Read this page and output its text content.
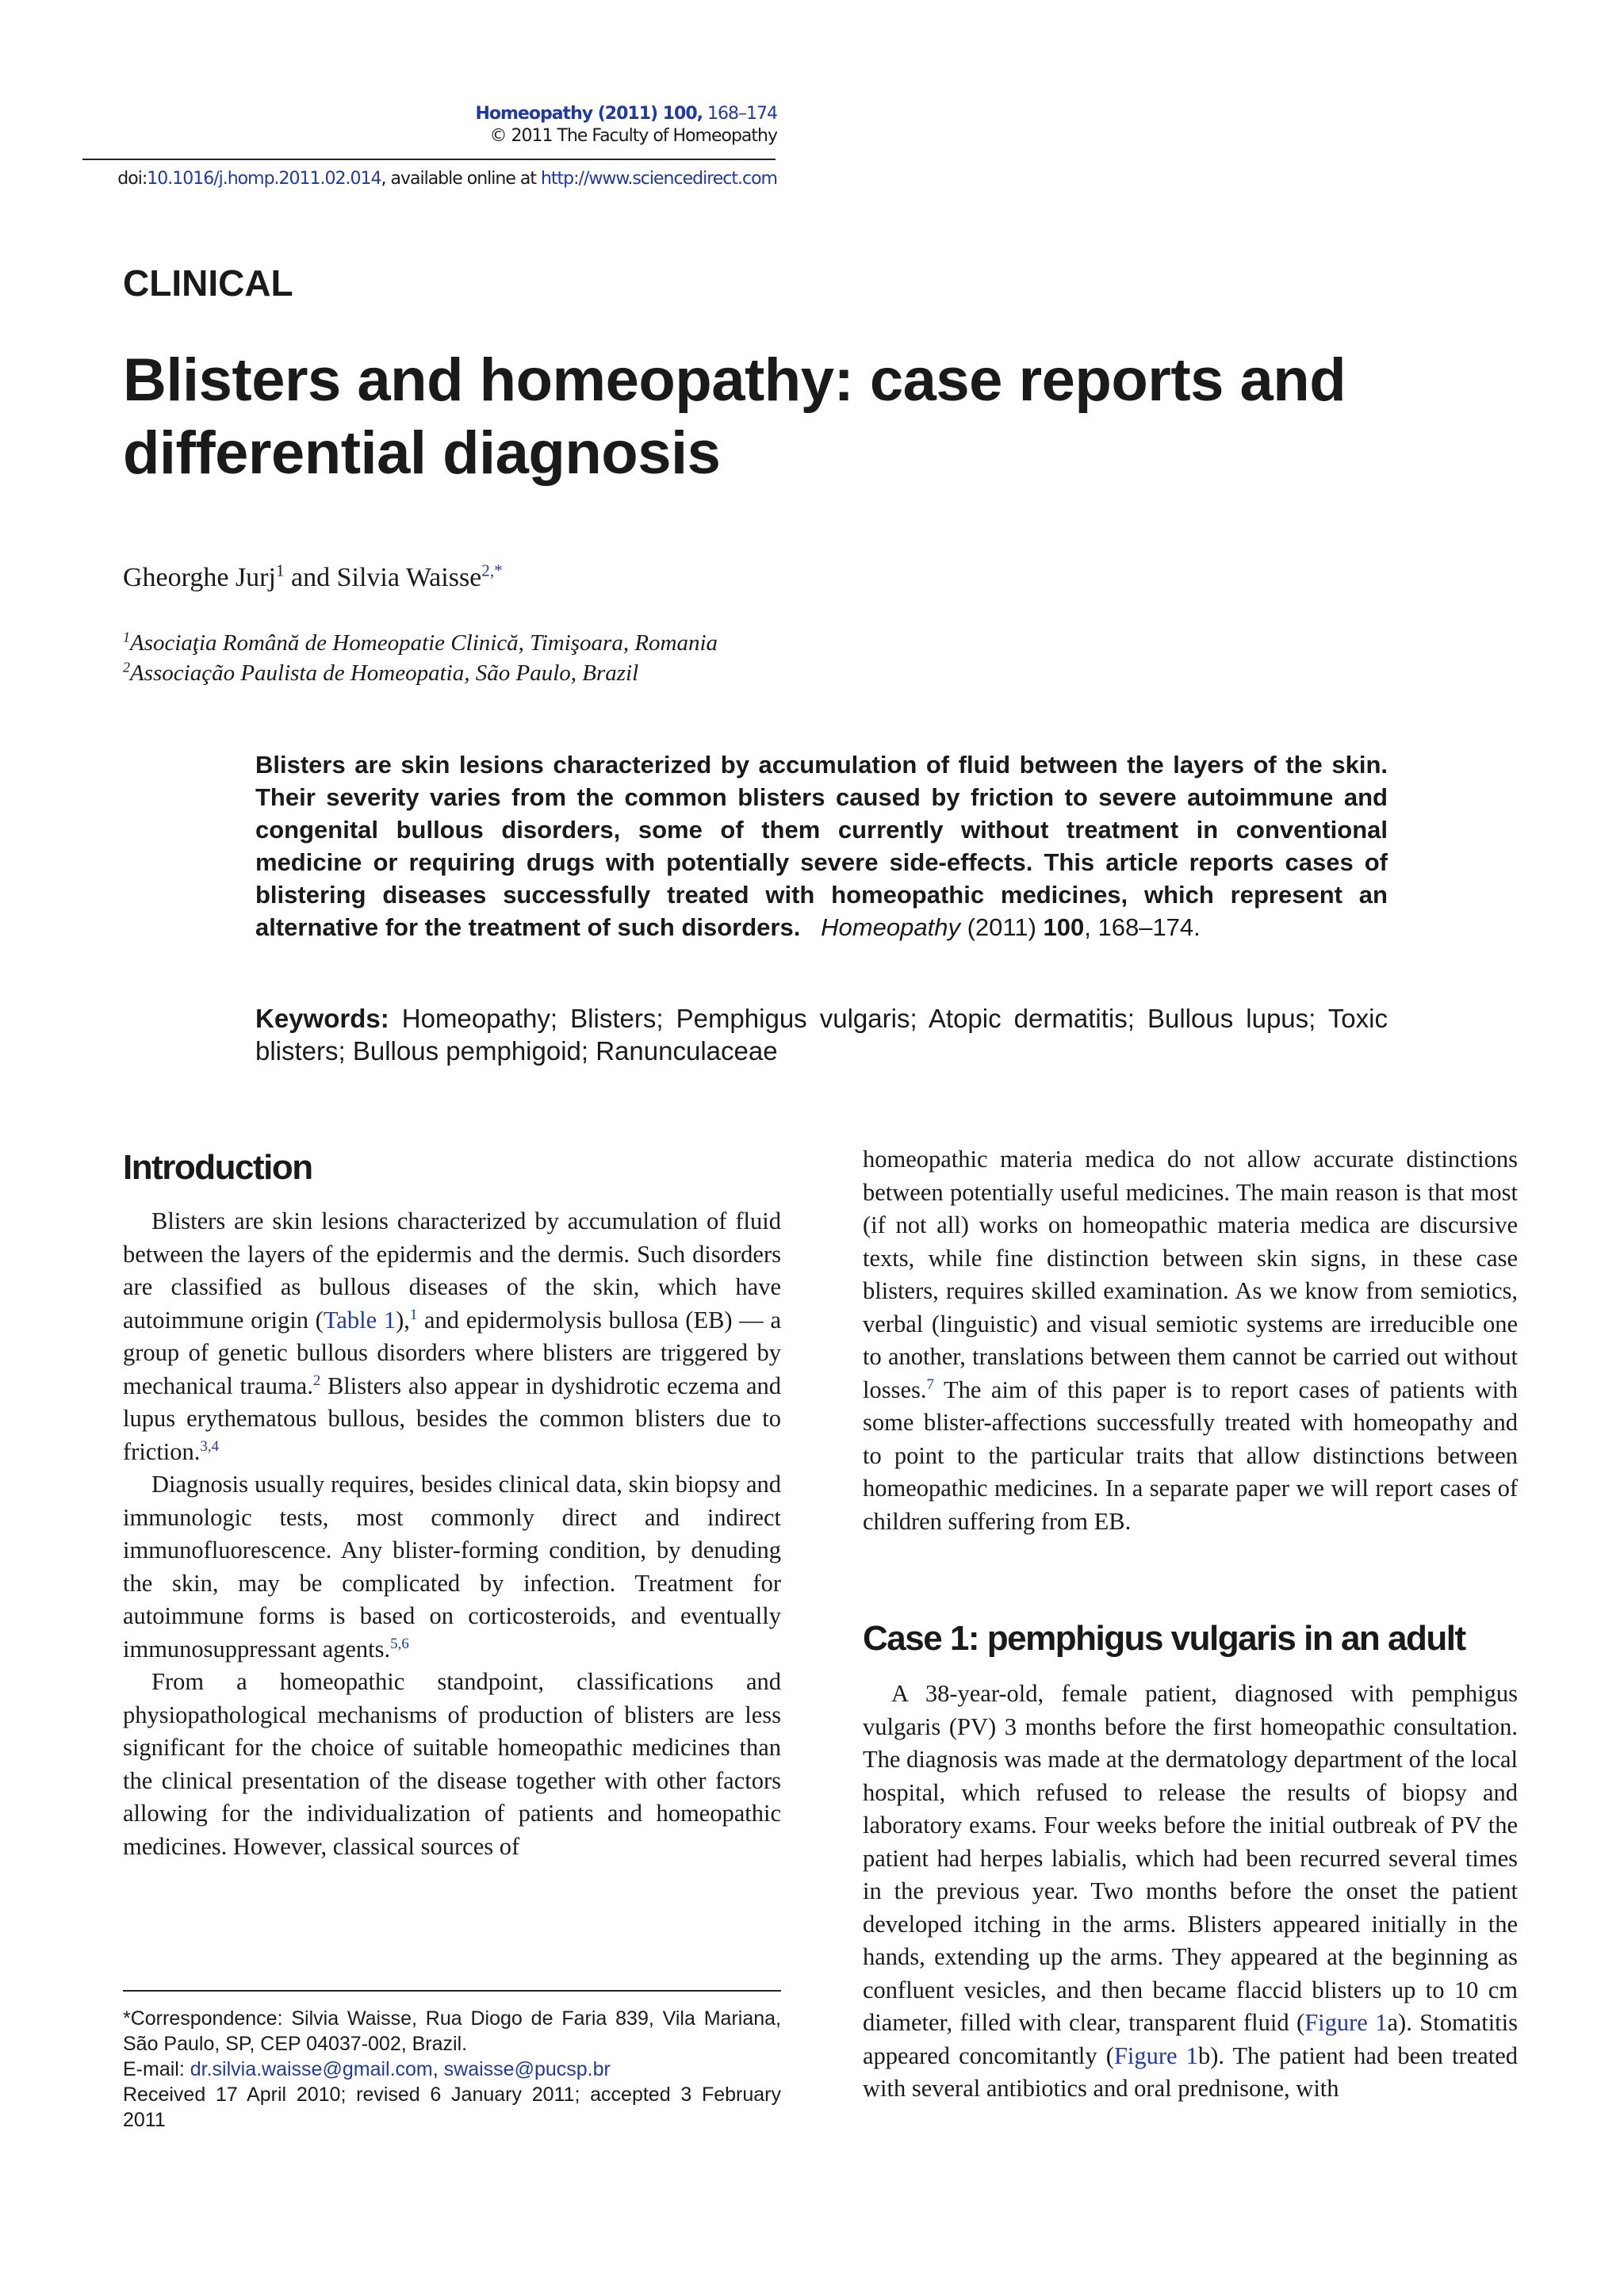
Homeopathy (2011) 100, 168–174
© 2011 The Faculty of Homeopathy
doi:10.1016/j.homp.2011.02.014, available online at http://www.sciencedirect.com
CLINICAL
Blisters and homeopathy: case reports and
differential diagnosis
Gheorghe Jurj$^1$ and Silvia Waisse$^{2,*}$
$^1$Asociaţia Română de Homeopatie Clinică, Timişoara, Romania
$^2$Associação Paulista de Homeopatia, São Paulo, Brazil
Blisters are skin lesions characterized by accumulation of fluid between the layers of the skin. Their severity varies from the common blisters caused by friction to severe autoimmune and congenital bullous disorders, some of them currently without treatment in conventional medicine or requiring drugs with potentially severe side-effects. This article reports cases of blistering diseases successfully treated with homeopathic medicines, which represent an alternative for the treatment of such disorders. Homeopathy (2011) 100, 168–174.
Keywords: Homeopathy; Blisters; Pemphigus vulgaris; Atopic dermatitis; Bullous lupus; Toxic blisters; Bullous pemphigoid; Ranunculaceae
Introduction

Blisters are skin lesions characterized by accumulation of fluid between the layers of the epidermis and the dermis. Such disorders are classified as bullous diseases of the skin, which have autoimmune origin (Table 1),$^1$ and epidermolysis bullosa (EB) — a group of genetic bullous disorders where blisters are triggered by mechanical trauma.$^2$ Blisters also appear in dyshidrotic eczema and lupus erythematous bullous, besides the common blisters due to friction.$^{3,4}$

Diagnosis usually requires, besides clinical data, skin biopsy and immunologic tests, most commonly direct and indirect immunofluorescence. Any blister-forming condition, by denuding the skin, may be complicated by infection. Treatment for autoimmune forms is based on corticosteroids, and eventually immunosuppressant agents.$^{5,6}$

From a homeopathic standpoint, classifications and physiopathological mechanisms of production of blisters are less significant for the choice of suitable homeopathic medicines than the clinical presentation of the disease together with other factors allowing for the individualization of patients and homeopathic medicines. However, classical sources of

homeopathic materia medica do not allow accurate distinctions between potentially useful medicines. The main reason is that most (if not all) works on homeopathic materia medica are discursive texts, while fine distinction between skin signs, in these case blisters, requires skilled examination. As we know from semiotics, verbal (linguistic) and visual semiotic systems are irreducible one to another, translations between them cannot be carried out without losses.$^7$ The aim of this paper is to report cases of patients with some blister-affections successfully treated with homeopathy and to point to the particular traits that allow distinctions between homeopathic medicines. In a separate paper we will report cases of children suffering from EB.

Case 1: pemphigus vulgaris in an adult

A 38-year-old, female patient, diagnosed with pemphigus vulgaris (PV) 3 months before the first homeopathic consultation. The diagnosis was made at the dermatology department of the local hospital, which refused to release the results of biopsy and laboratory exams. Four weeks before the initial outbreak of PV the patient had herpes labialis, which had been recurred several times in the previous year. Two months before the onset the patient developed itching in the arms. Blisters appeared initially in the hands, extending up the arms. They appeared at the beginning as confluent vesicles, and then became flaccid blisters up to 10 cm diameter, filled with clear, transparent fluid (Figure 1a). Stomatitis appeared concomitantly (Figure 1b). The patient had been treated with several antibiotics and oral prednisone, with

*Correspondence: Silvia Waisse, Rua Diogo de Faria 839, Vila Mariana, São Paulo, SP, CEP 04037-002, Brazil.

E-mail: dr.silvia.waisse@gmail.com, swaisse@pucsp.br

Received 17 April 2010; revised 6 January 2011; accepted 3 February 2011
